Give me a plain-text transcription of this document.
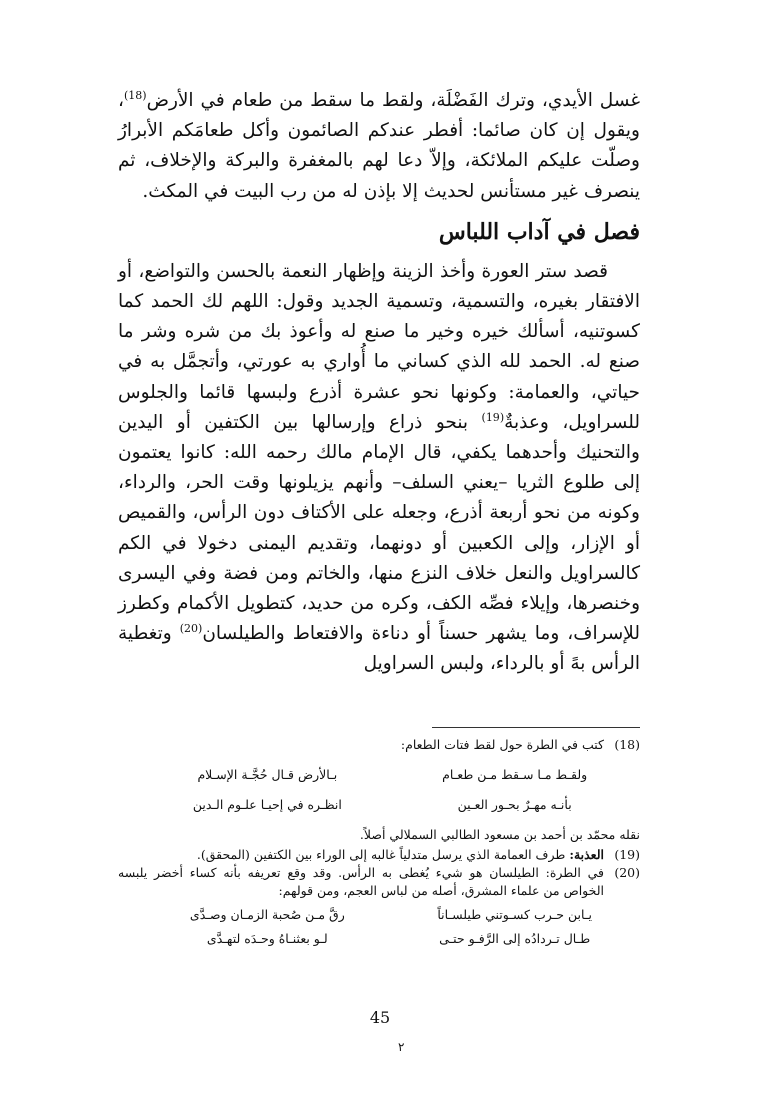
غسل الأيدي، وترك الفَضْلَة، ولقط ما سقط من طعام في الأرض$^{(18)}$، ويقول إن كان صائما: أفطر عندكم الصائمون وأكل طعامَكم الأبرارُ وصلّت عليكم الملائكة، وإلاّ دعا لهم بالمغفرة والبركة والإخلاف، ثم ينصرف غير مستأنس لحديث إلا بإذن له من رب البيت في المكث.

فصل في آداب اللباس

قصد ستر العورة وأخذ الزينة وإظهار النعمة بالحسن والتواضع، أو الافتقار بغيره، والتسمية، وتسمية الجديد وقول: اللهم لك الحمد كما كسوتنيه، أسألك خيره وخير ما صنع له وأعوذ بك من شره وشر ما صنع له. الحمد لله الذي كساني ما أُواري به عورتي، وأتجمَّل به في حياتي، والعمامة: وكونها نحو عشرة أذرع ولبسها قائما والجلوس للسراويل، وعذبةٌ$^{(19)}$ بنحو ذراع وإرسالها بين الكتفين أو اليدين والتحنيك وأحدهما يكفي، قال الإمام مالك رحمه الله: كانوا يعتمون إلى طلوع الثريا –يعني السلف– وأنهم يزيلونها وقت الحر، والرداء، وكونه من نحو أربعة أذرع، وجعله على الأكتاف دون الرأس، والقميص أو الإزار، وإلى الكعبين أو دونهما، وتقديم اليمنى دخولا في الكم كالسراويل والنعل خلاف النزع منها، والخاتم ومن فضة وفي اليسرى وخنصرها، وإيلاء فصِّه الكف، وكره من حديد، كتطويل الأكمام وكطرز للإسراف، وما يشهر حسناً أو دناءة والافتعاط والطيلسان$^{(20)}$ وتغطية الرأس بهً أو بالرداء، ولبس السراويل

(18)
كتب في الطرة حول لقط فتات الطعام:
ولقـط مـا سـقط مـن طعـام
بـالأرض قـال حُجَّـة الإسـلام
بأنـه مهـرٌ بحـور العـين
انظـره في إحيـا علـوم الـدين
نقله محمّد بن أحمد بن مسعود الطالبي السملالي أصلاً.
(19)
العذبة: طرف العمامة الذي يرسل متدلياً غالبه إلى الوراء بين الكتفين (المحقق).
(20)
في الطرة: الطيلسان هو شيء يُغطى به الرأس. وقد وقع تعريفه بأنه كساء أخضر يلبسه الخواص من علماء المشرق، أصله من لباس العجم، ومن قولهم:
يـابن حـرب كسـوتني طيلسـاناً
رقَّ مـن صُحبة الزمـان وصـدَّى
طـال تـردادُه إلى الرَّفـو حتـى
لـو بعثنـاهُ وحـدَه لتهـدَّى
45
٢
